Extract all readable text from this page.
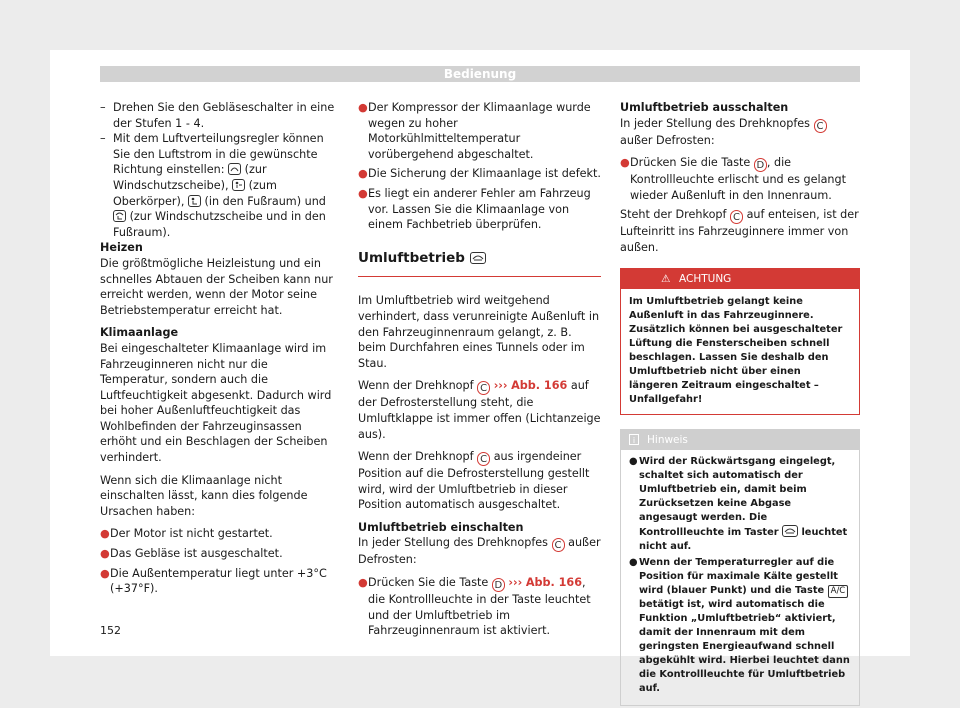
Bedienung

– Drehen Sie den Gebläseschalter in eine der Stufen 1 - 4.

– Mit dem Luftverteilungsregler können Sie den Luftstrom in die gewünschte Richtung einstellen: (zur Windschutzscheibe), (zum Oberkörper), (in den Fußraum) und
(zur Windschutzscheibe und in den Fußraum).

Heizen

Die größtmögliche Heizleistung und ein schnelles Abtauen der Scheiben kann nur erreicht werden, wenn der Motor seine Betriebstemperatur erreicht hat.

Klimaanlage

Bei eingeschalteter Klimaanlage wird im Fahrzeuginneren nicht nur die Temperatur, sondern auch die Luftfeuchtigkeit abgesenkt. Dadurch wird bei hoher Außenluftfeuchtigkeit das Wohlbefinden der Fahrzeuginsassen erhöht und ein Beschlagen der Scheiben verhindert.

Wenn sich die Klimaanlage nicht einschalten lässt, kann dies folgende Ursachen haben:

● Der Motor ist nicht gestartet.

● Das Gebläse ist ausgeschaltet.

● Die Außentemperatur liegt unter +3°C (+37°F).

● Der Kompressor der Klimaanlage wurde wegen zu hoher Motorkühlmitteltemperatur vorübergehend abgeschaltet.

● Die Sicherung der Klimaanlage ist defekt.

● Es liegt ein anderer Fehler am Fahrzeug vor. Lassen Sie die Klimaanlage von einem Fachbetrieb überprüfen.

Umluftbetrieb

Im Umluftbetrieb wird weitgehend verhindert, dass verunreinigte Außenluft in den Fahrzeuginnenraum gelangt, z. B. beim Durchfahren eines Tunnels oder im Stau.

Wenn der Drehknopf C ››› Abb. 166 auf der Defrosterstellung steht, die Umluftklappe ist immer offen (Lichtanzeige aus).

Wenn der Drehknopf C aus irgendeiner Position auf die Defrosterstellung gestellt wird, wird der Umluftbetrieb in dieser Position automatisch ausgeschaltet.

Umluftbetrieb einschalten

In jeder Stellung des Drehknopfes C außer Defrosten:

● Drücken Sie die Taste D ››› Abb. 166, die Kontrollleuchte in der Taste leuchtet und der Umluftbetrieb im Fahrzeuginnenraum ist aktiviert.

Umluftbetrieb ausschalten

In jeder Stellung des Drehknopfes C außer Defrosten:

● Drücken Sie die Taste D , die Kontrollleuchte erlischt und es gelangt wieder Außenluft in den Innenraum.

Steht der Drehkopf C auf enteisen, ist der Lufteinritt ins Fahrzeuginnere immer von außen.

⚠ ACHTUNG
Im Umluftbetrieb gelangt keine Außenluft in das Fahrzeuginnere. Zusätzlich können bei ausgeschalteter Lüftung die Fensterscheiben schnell beschlagen. Lassen Sie deshalb den Umluftbetrieb nicht über einen längeren Zeitraum eingeschaltet – Unfallgefahr!
i	Hinweis

● Wird der Rückwärtsgang eingelegt, schaltet sich automatisch der Umluftbetrieb ein, damit beim Zurücksetzen keine Abgase angesaugt werden. Die Kontrollleuchte im Taster leuchtet nicht auf.

● Wenn der Temperaturregler auf die Position für maximale Kälte gestellt wird (blauer Punkt) und die Taste A/C betätigt ist, wird automatisch die Funktion „Umluftbetrieb“ aktiviert, damit der Innenraum mit dem geringsten Energieaufwand schnell abgekühlt wird. Hierbei leuchtet dann die Kontrollleuchte für Umluftbetrieb auf.

152
